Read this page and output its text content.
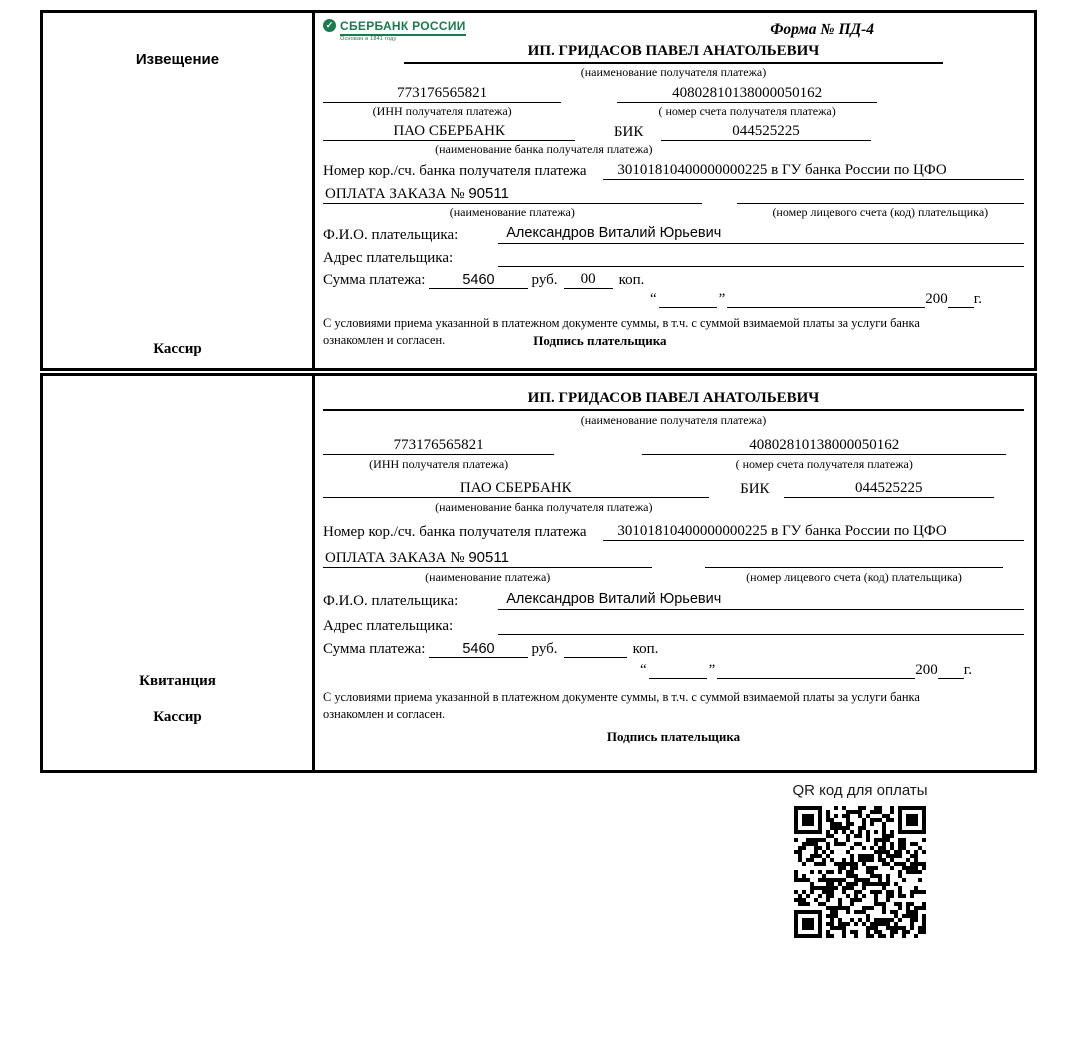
Извещение
Кассир
✓ СБЕРБАНК РОССИИ
Основан в 1841 году
Форма № ПД-4
ИП. ГРИДАСОВ ПАВЕЛ АНАТОЛЬЕВИЧ
(наименование получателя платежа)
773176565821	40802810138000050162
(ИНН получателя платежа)	( номер счета получателя платежа)
ПАО СБЕРБАНК	БИК	044525225
(наименование банка получателя платежа)
Номер кор./сч. банка получателя платежа	30101810400000000225 в ГУ банка России по ЦФО
ОПЛАТА ЗАКАЗА № 90511
(наименование платежа)	(номер лицевого счета (код) плательщика)
Ф.И.О. плательщика:	Александров Виталий Юрьевич
Адрес плательщика:
Сумма платежа:	5460	руб.	00	коп.
“	”	200 г.
С условиями приема указанной в платежном документе суммы, в т.ч. с суммой взимаемой платы за услуги банка
ознакомлен и согласен.	Подпись плательщика
Квитанция
Кассир
ИП. ГРИДАСОВ ПАВЕЛ АНАТОЛЬЕВИЧ
(наименование получателя платежа)
773176565821	40802810138000050162
(ИНН получателя платежа)	( номер счета получателя платежа)
ПАО СБЕРБАНК	БИК	044525225
(наименование банка получателя платежа)
Номер кор./сч. банка получателя платежа	30101810400000000225 в ГУ банка России по ЦФО
ОПЛАТА ЗАКАЗА № 90511
(наименование платежа)	(номер лицевого счета (код) плательщика)
Ф.И.О. плательщика:	Александров Виталий Юрьевич
Адрес плательщика:
Сумма платежа:	5460	руб.	коп.
“	”	200 г.
С условиями приема указанной в платежном документе суммы, в т.ч. с суммой взимаемой платы за услуги банка
ознакомлен и согласен.
Подпись плательщика
QR код для оплаты
